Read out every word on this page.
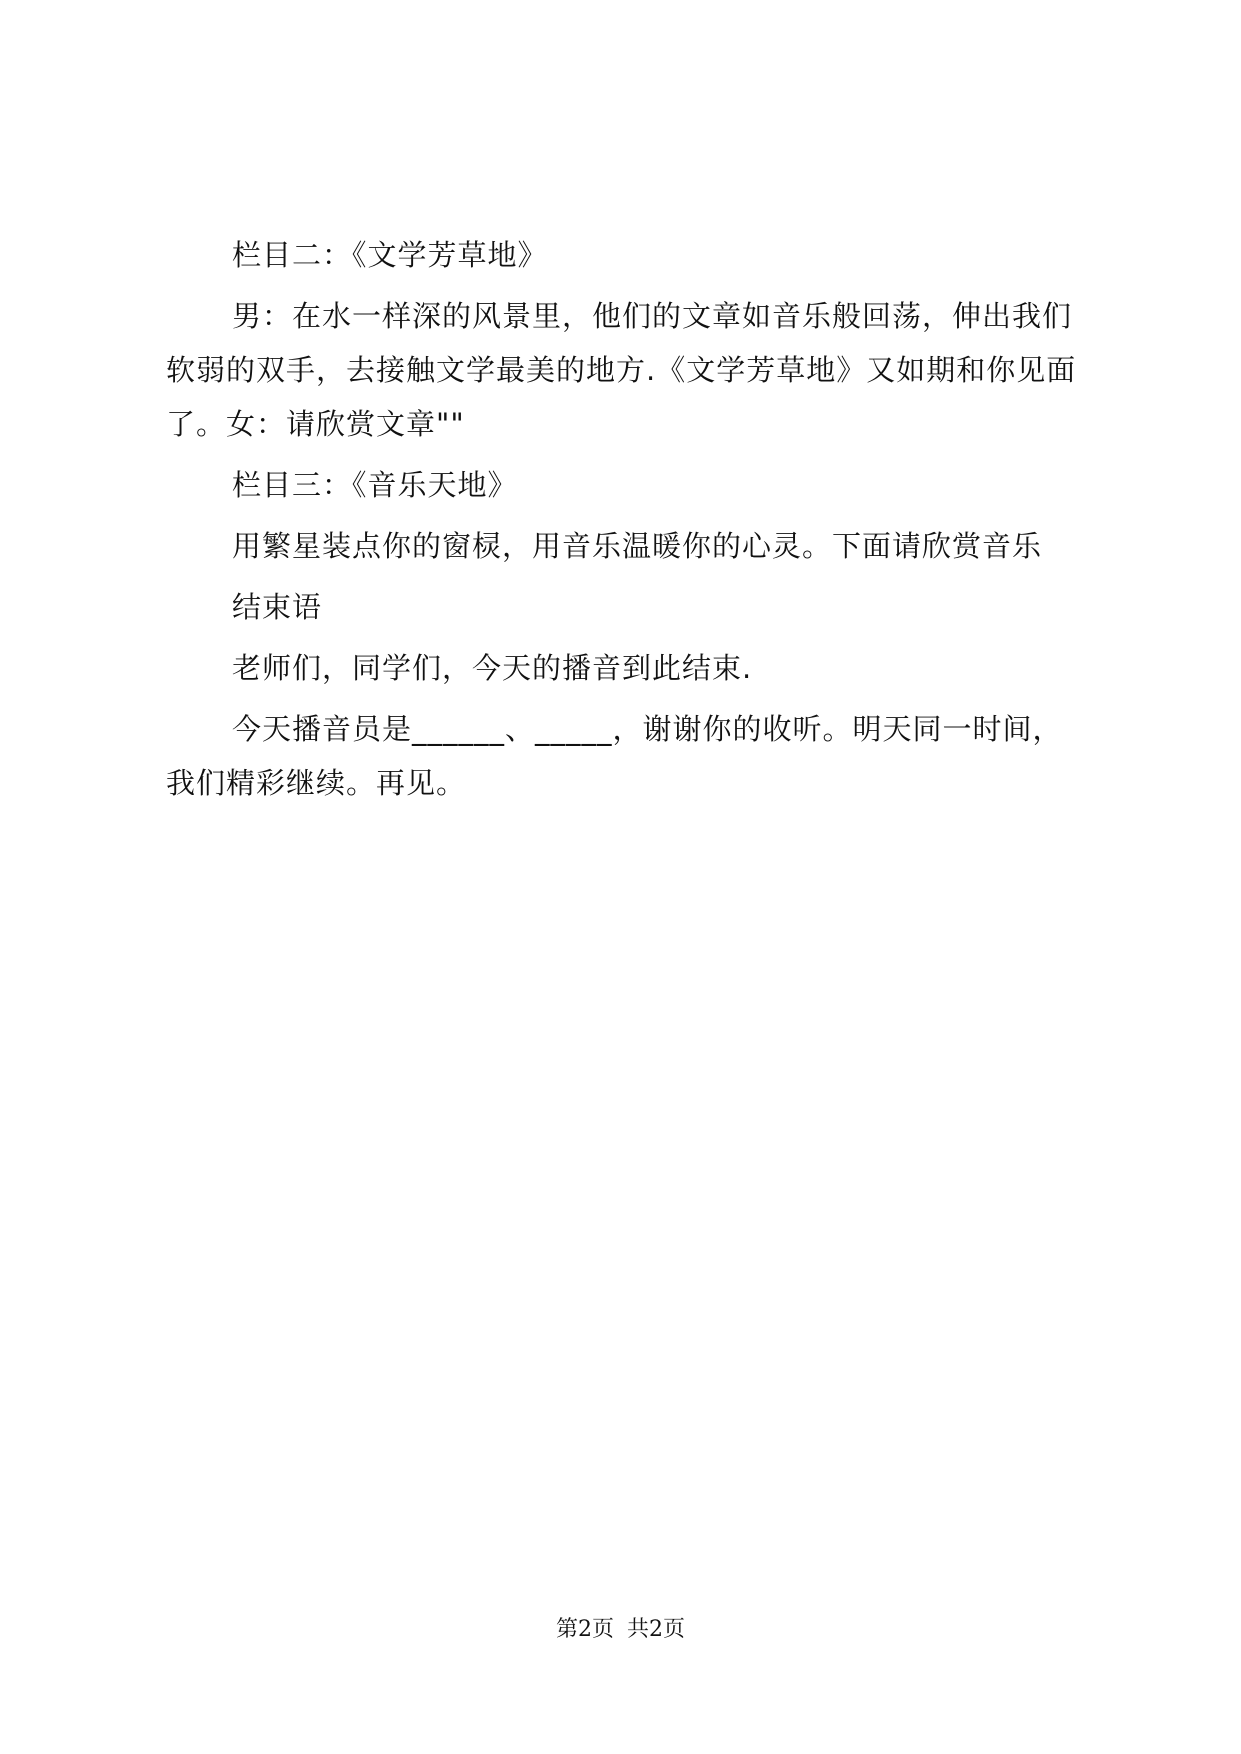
栏目二：《文学芳草地》

男：在水一样深的风景里，他们的文章如音乐般回荡，伸出我们软弱的双手，去接触文学最美的地方.《文学芳草地》又如期和你见面了。女：请欣赏文章""

栏目三：《音乐天地》

用繁星装点你的窗棂，用音乐温暖你的心灵。下面请欣赏音乐

结束语

老师们，同学们，今天的播音到此结束.

今天播音员是______、_____，谢谢你的收听。明天同一时间，我们精彩继续。再见。

第2页 共2页
